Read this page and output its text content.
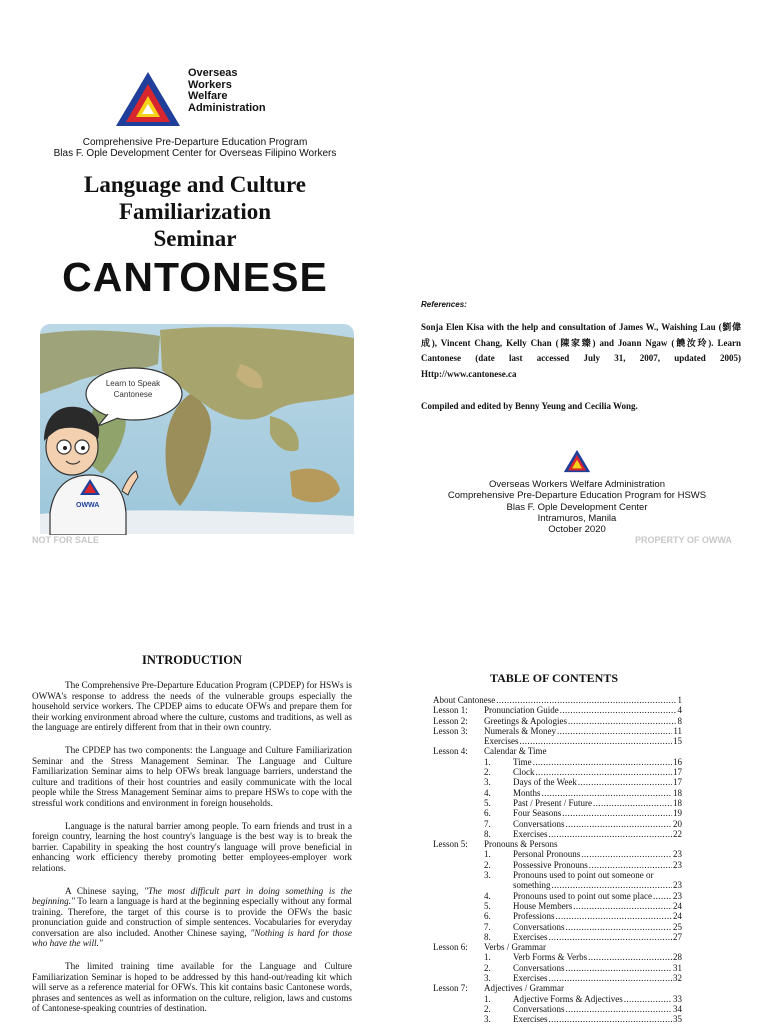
Overseas
Workers
Welfare
Administration
Comprehensive Pre-Departure Education Program
Blas F. Ople Development Center for Overseas Filipino Workers
Language and Culture
Familiarization
Seminar
CANTONESE
OWWA
Learn to Speak
Cantonese
NOT FOR SALE
References:
Sonja Elen Kisa with the help and consultation of James W., Waishing Lau (劉偉成), Vincent Chang, Kelly Chan (陳家臻) and Joann Ngaw (饒汝玲). Learn Cantonese (date last accessed July 31, 2007, updated 2005) Http://www.cantonese.ca
Compiled and edited by Benny Yeung and Cecilia Wong.
Overseas Workers Welfare Administration
Comprehensive Pre-Departure Education Program for HSWS
Blas F. Ople Development Center
Intramuros, Manila
October 2020
PROPERTY OF OWWA
INTRODUCTION

The Comprehensive Pre-Departure Education Program (CPDEP) for HSWs is OWWA's response to address the needs of the vulnerable groups especially the household service workers. The CPDEP aims to educate OFWs and prepare them for their working environment abroad where the culture, customs and traditions, as well as the language are entirely different from that in their own country.

The CPDEP has two components: the Language and Culture Familiarization Seminar and the Stress Management Seminar. The Language and Culture Familiarization Seminar aims to help OFWs break language barriers, understand the culture and traditions of their host countries and easily communicate with the local people while the Stress Management Seminar aims to prepare HSWs to cope with the stressful work conditions and environment in foreign households.

Language is the natural barrier among people. To earn friends and trust in a foreign country, learning the host country's language is the best way is to break the barrier. Capability in speaking the host country's language will prove beneficial in enhancing work efficiency thereby promoting better employees-employer work relations.

A Chinese saying, "The most difficult part in doing something is the beginning." To learn a language is hard at the beginning especially without any formal training. Therefore, the target of this course is to provide the OFWs the basic pronunciation guide and construction of simple sentences. Vocabularies for everyday conversation are also included. Another Chinese saying, "Nothing is hard for those who have the will."

The limited training time available for the Language and Culture Familiarization Seminar is hoped to be addressed by this hand-out/reading kit which will serve as a reference material for OFWs. This kit contains basic Cantonese words, phrases and sentences as well as information on the culture, religion, laws and customs of Cantonese-speaking countries of destination.

TABLE OF CONTENTS
About Cantonese .....	1
Lesson 1:	Pronunciation Guide .....	4
Lesson 2:	Greetings & Apologies .....	8
Lesson 3:	Numerals & Money .....	11
Exercises .....	15
Lesson 4:	Calendar & Time
1.	Time .....	16
2.	Clock .....	17
3.	Days of the Week .....	17
4.	Months .....	18
5.	Past / Present / Future .....	18
6.	Four Seasons .....	19
7.	Conversations .....	20
8.	Exercises .....	22
Lesson 5:	Pronouns & Persons
1.	Personal Pronouns .....	23
2.	Possessive Pronouns .....	23
3.	Pronouns used to point out someone or
something .....	23
4.	Pronouns used to point out some place ..... 23
5.	House Members .....	24
6.	Professions .....	24
7.	Conversations .....	25
8.	Exercises .....	27
Lesson 6:	Verbs / Grammar
1.	Verb Forms & Verbs .....	28
2.	Conversations .....	31
3.	Exercises .....	32
Lesson 7:	Adjectives / Grammar
1.	Adjective Forms & Adjectives .....	33
2.	Conversations .....	34
3.	Exercises .....	35
